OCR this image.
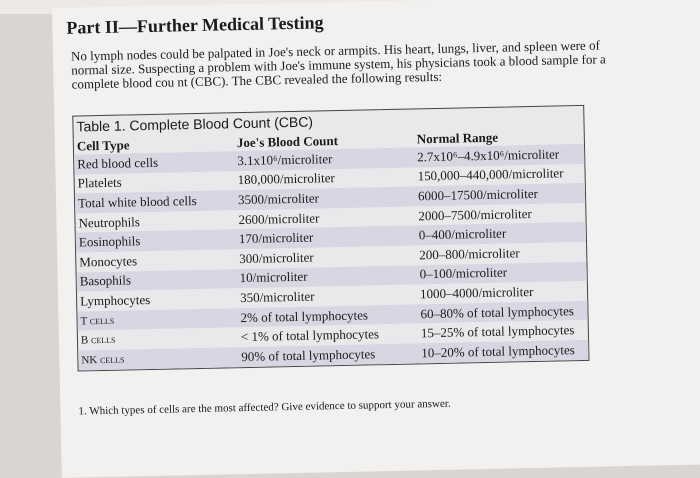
Part II—Further Medical Testing
No lymph nodes could be palpated in Joe's neck or armpits. His heart, lungs, liver, and spleen were of normal size. Suspecting a problem with Joe's immune system, his physicians took a blood sample for a complete blood cou nt (CBC). The CBC revealed the following results:
Table 1. Complete Blood Count (CBC)
Cell Type	Joe's Blood Count	Normal Range
Red blood cells	3.1x10⁶/microliter	2.7x10⁶–4.9x10⁶/microliter
Platelets	180,000/microliter	150,000–440,000/microliter
Total white blood cells	3500/microliter	6000–17500/microliter
Neutrophils	2600/microliter	2000–7500/microliter
Eosinophils	170/microliter	0–400/microliter
Monocytes	300/microliter	200–800/microliter
Basophils	10/microliter	0–100/microliter
Lymphocytes	350/microliter	1000–4000/microliter
T cells	2% of total lymphocytes	60–80% of total lymphocytes
B cells	< 1% of total lymphocytes	15–25% of total lymphocytes
NK cells	90% of total lymphocytes	10–20% of total lymphocytes
1. Which types of cells are the most affected? Give evidence to support your answer.
